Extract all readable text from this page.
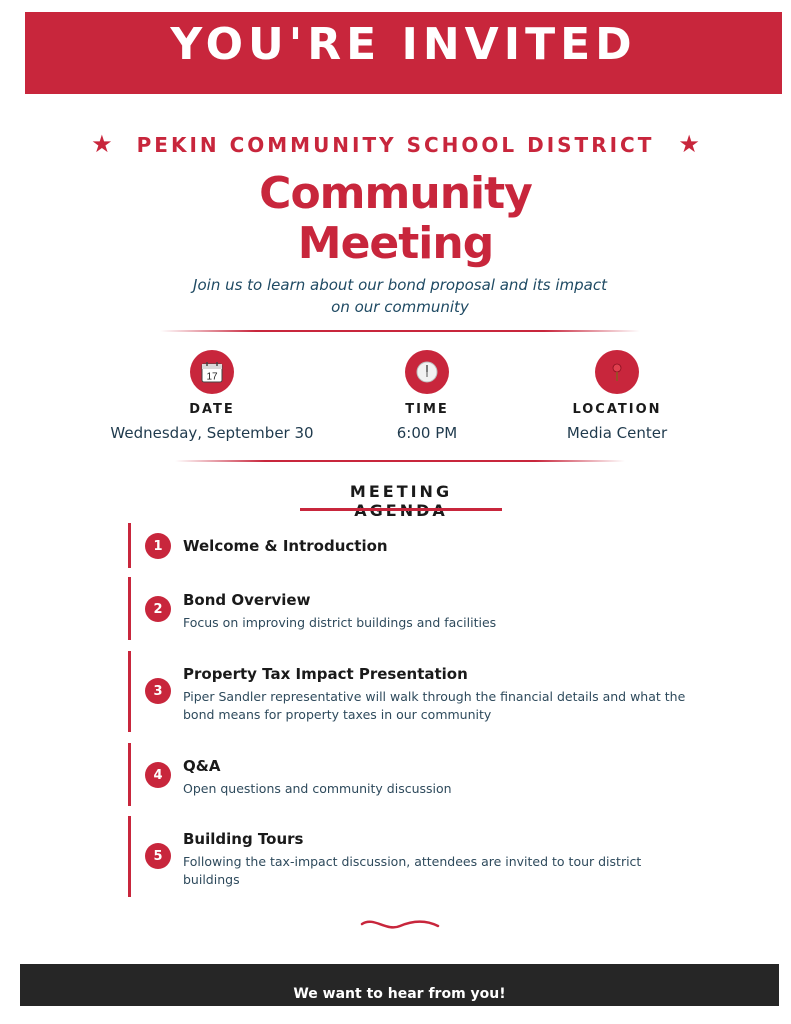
YOU'RE INVITED
★ PEKIN COMMUNITY SCHOOL DISTRICT ★
Community
Meeting
Join us to learn about our bond proposal and its impact on our community
17
DATE
Wednesday, September 30
TIME
6:00 PM
LOCATION
Media Center
MEETING
1	Welcome & Introduction
2	Bond Overview
Focus on improving district buildings and facilities
3
Property Tax Impact Presentation
Piper Sandler representative will walk through the financial details and what the bond means for property taxes in our community
4	Q&A
Open questions and community discussion
5
Building Tours
Following the tax-impact discussion, attendees are invited to tour district buildings
We want to hear from you!
